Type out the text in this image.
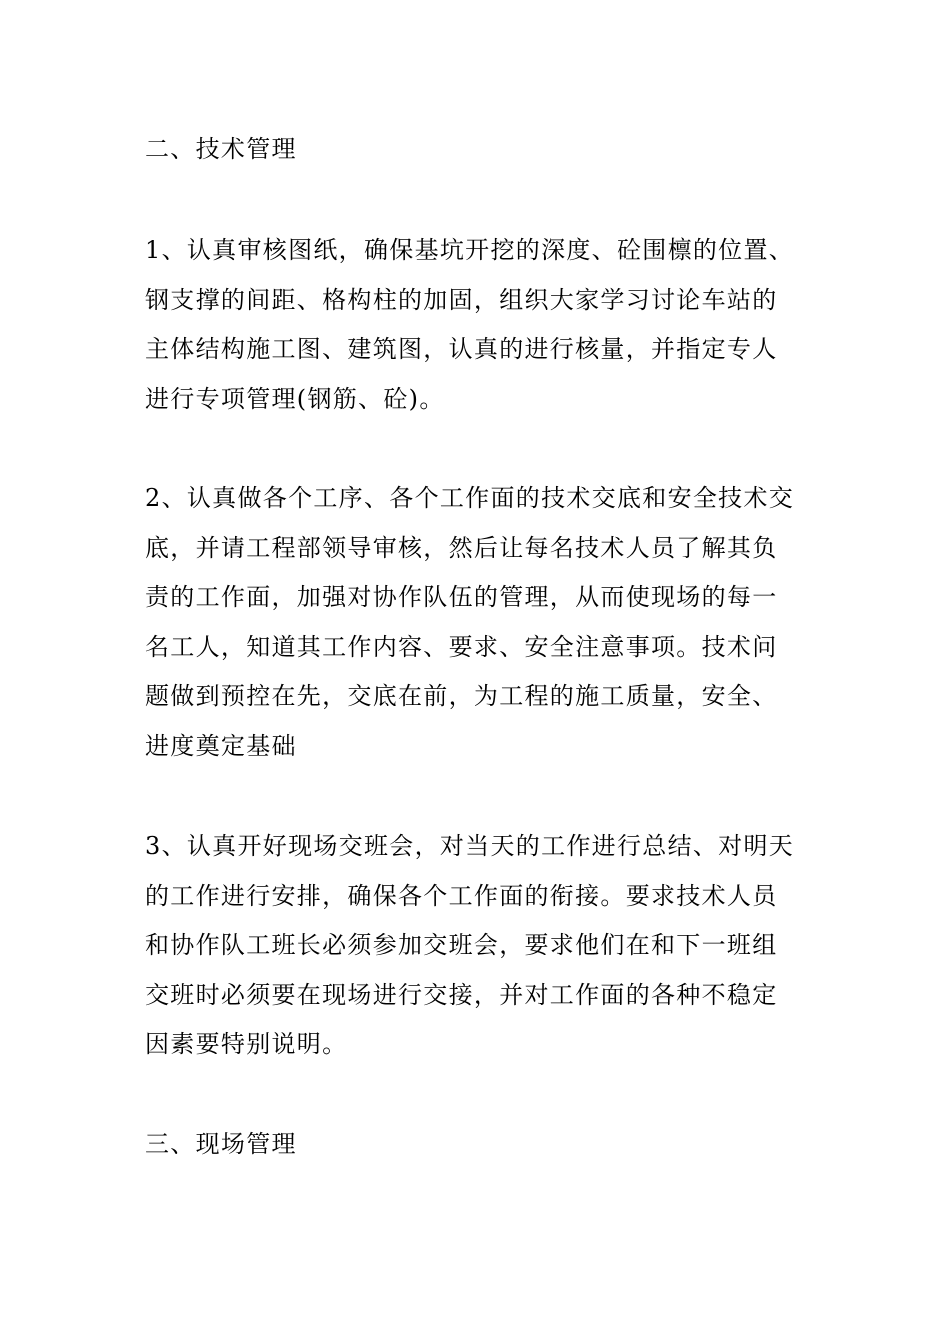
二、技术管理

1、认真审核图纸，确保基坑开挖的深度、砼围檩的位置、
钢支撑的间距、格构柱的加固，组织大家学习讨论车站的
主体结构施工图、建筑图，认真的进行核量，并指定专人
进行专项管理(钢筋、砼)。

2、认真做各个工序、各个工作面的技术交底和安全技术交
底，并请工程部领导审核，然后让每名技术人员了解其负
责的工作面，加强对协作队伍的管理，从而使现场的每一
名工人，知道其工作内容、要求、安全注意事项。技术问
题做到预控在先，交底在前，为工程的施工质量，安全、
进度奠定基础

3、认真开好现场交班会，对当天的工作进行总结、对明天
的工作进行安排，确保各个工作面的衔接。要求技术人员
和协作队工班长必须参加交班会，要求他们在和下一班组
交班时必须要在现场进行交接，并对工作面的各种不稳定
因素要特别说明。

三、现场管理
